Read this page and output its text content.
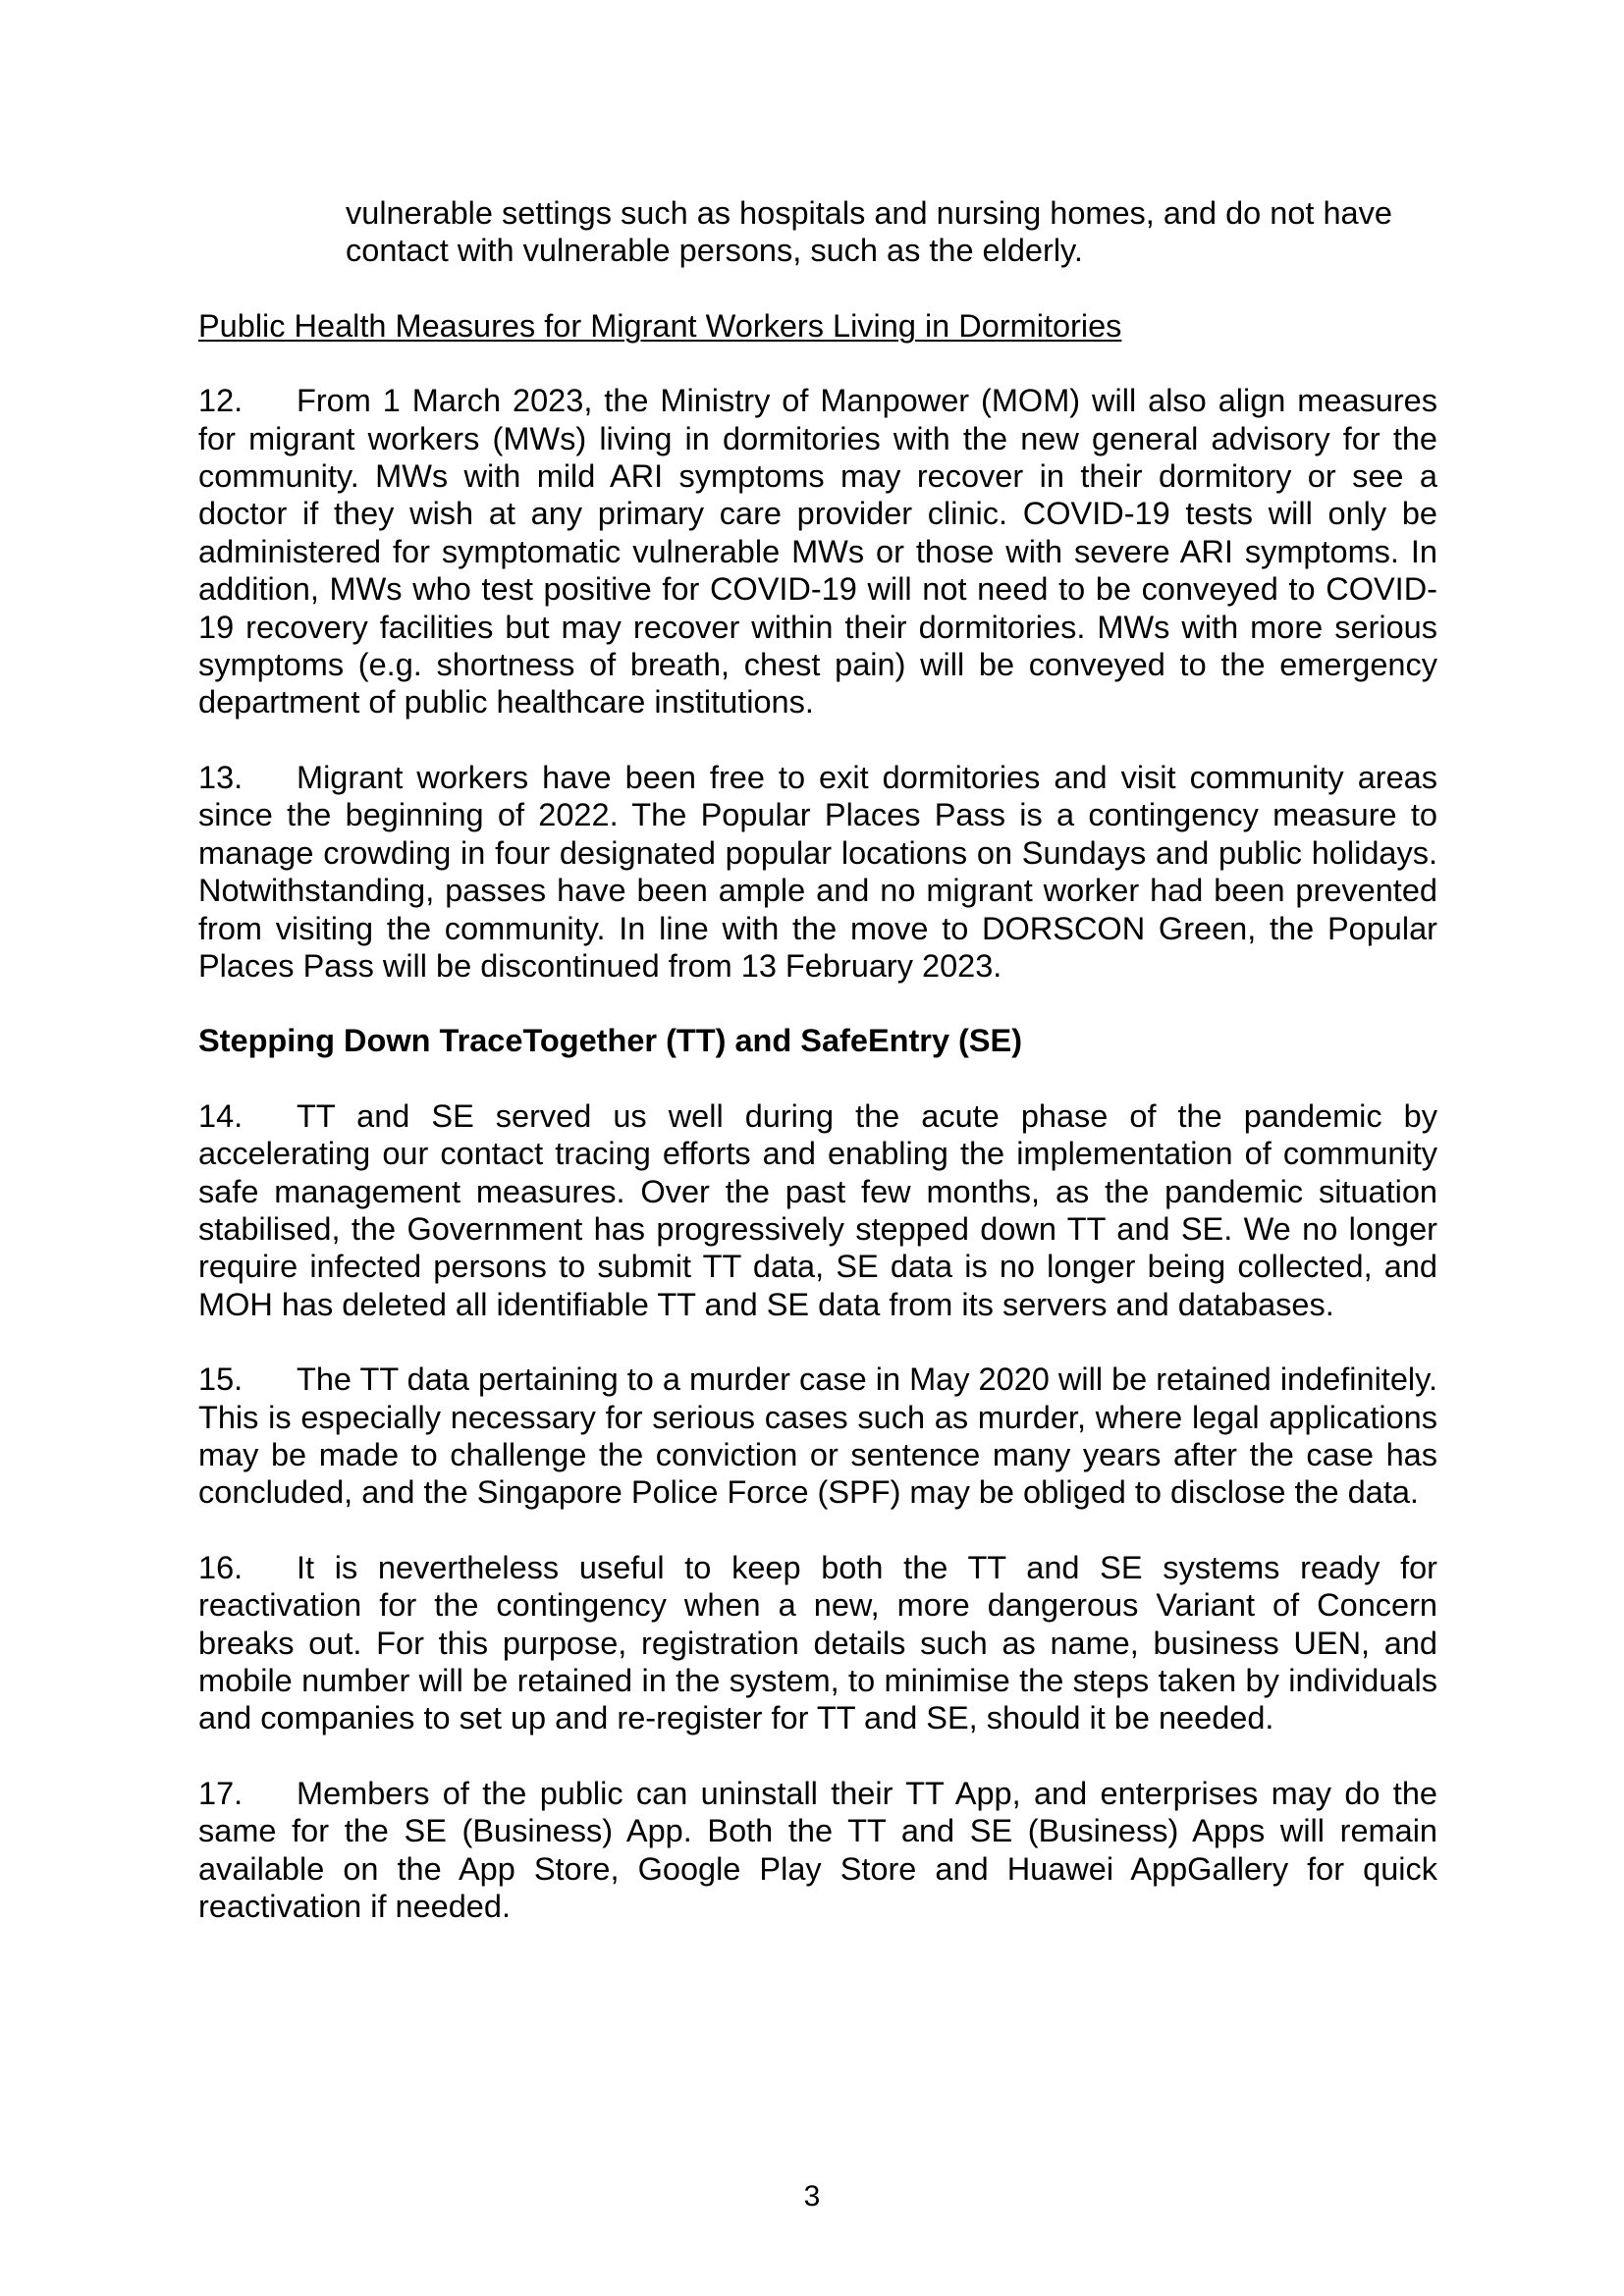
vulnerable settings such as hospitals and nursing homes, and do not have contact with vulnerable persons, such as the elderly.
Public Health Measures for Migrant Workers Living in Dormitories
12. From 1 March 2023, the Ministry of Manpower (MOM) will also align measures for migrant workers (MWs) living in dormitories with the new general advisory for the community. MWs with mild ARI symptoms may recover in their dormitory or see a doctor if they wish at any primary care provider clinic. COVID-19 tests will only be administered for symptomatic vulnerable MWs or those with severe ARI symptoms. In addition, MWs who test positive for COVID-19 will not need to be conveyed to COVID-19 recovery facilities but may recover within their dormitories. MWs with more serious symptoms (e.g. shortness of breath, chest pain) will be conveyed to the emergency department of public healthcare institutions.
13. Migrant workers have been free to exit dormitories and visit community areas since the beginning of 2022. The Popular Places Pass is a contingency measure to manage crowding in four designated popular locations on Sundays and public holidays. Notwithstanding, passes have been ample and no migrant worker had been prevented from visiting the community. In line with the move to DORSCON Green, the Popular Places Pass will be discontinued from 13 February 2023.
Stepping Down TraceTogether (TT) and SafeEntry (SE)
14. TT and SE served us well during the acute phase of the pandemic by accelerating our contact tracing efforts and enabling the implementation of community safe management measures. Over the past few months, as the pandemic situation stabilised, the Government has progressively stepped down TT and SE. We no longer require infected persons to submit TT data, SE data is no longer being collected, and MOH has deleted all identifiable TT and SE data from its servers and databases.
15. The TT data pertaining to a murder case in May 2020 will be retained indefinitely. This is especially necessary for serious cases such as murder, where legal applications may be made to challenge the conviction or sentence many years after the case has concluded, and the Singapore Police Force (SPF) may be obliged to disclose the data.
16. It is nevertheless useful to keep both the TT and SE systems ready for reactivation for the contingency when a new, more dangerous Variant of Concern breaks out. For this purpose, registration details such as name, business UEN, and mobile number will be retained in the system, to minimise the steps taken by individuals and companies to set up and re-register for TT and SE, should it be needed.
17. Members of the public can uninstall their TT App, and enterprises may do the same for the SE (Business) App. Both the TT and SE (Business) Apps will remain available on the App Store, Google Play Store and Huawei AppGallery for quick reactivation if needed.
3
